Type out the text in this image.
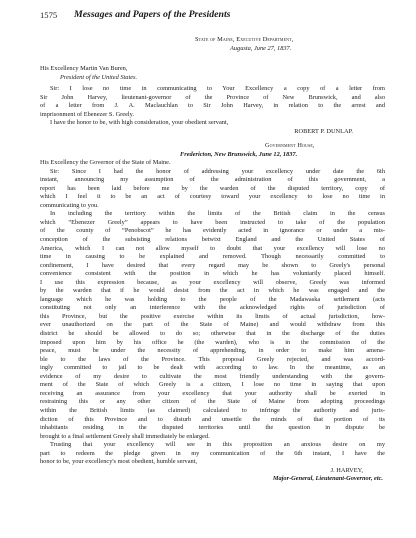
1575 Messages and Papers of the Presidents
State of Maine, Executive Department,
Augusta, June 27, 1837.
His Excellency Martin Van Buren,
President of the United States.
Sir: I lose no time in communicating to Your Excellency a copy of a letter from
Sir John Harvey, lieutenant-governor of the Province of New Brunswick, and also
of a letter from J. A. Maclauchlan to Sir John Harvey, in relation to the arrest and
imprisonment of Ebenezer S. Greely.
I have the honor to be, with high consideration, your obedient servant,
ROBERT P. DUNLAP.
Government House,
Fredericton, New Brunswick, June 12, 1837.
His Excellency the Governor of the State of Maine.
Sir: Since I had the honor of addressing your excellency under date the 6th
instant, announcing my assumption of the administration of this government, a
report has been laid before me by the warden of the disputed territory, copy of
which I feel it to be an act of courtesy toward your excellency to lose no time in
communicating to you.
In including the territory within the limits of the British claim in the census
which “Ebenezer Greely” appears to have been instructed to take of the population
of the county of “Penobscot” he has evidently acted in ignorance or under a mis-
conception of the subsisting relations betwixt England and the United States of
America, which I can not allow myself to doubt that your excellency will lose no
time in causing to be explained and removed. Though necessarily committed to
confinement, I have desired that every regard may be shown to Greely's personal
convenience consistent with the position in which he has voluntarily placed himself.
I use this expression because, as your excellency will observe, Greely was informed
by the warden that if he would desist from the act in which he was engaged and the
language which he was holding to the people of the Madawaska settlement (acts
constituting not only an interference with the acknowledged rights of jurisdiction of
this Province, but the positive exercise within its limits of actual jurisdiction, how-
ever unauthorized on the part of the State of Maine) and would withdraw from this
district he should be allowed to do so; otherwise that in the discharge of the duties
imposed upon him by his office he (the warden), who is in the commission of the
peace, must be under the necessity of apprehending, in order to make him amena-
ble to the laws of the Province. This proposal Greely rejected, and was accord-
ingly committed to jail to be dealt with according to law. In the meantime, as an
evidence of my desire to cultivate the most friendly understanding with the govern-
ment of the State of which Greely is a citizen, I lose no time in saying that upon
receiving an assurance from your excellency that your authority shall be exerted in
restraining this or any other citizen of the State of Maine from adopting proceedings
within the British limits (as claimed) calculated to infringe the authority and juris-
diction of this Province and to disturb and unsettle the minds of that portion of its
inhabitants residing in the disputed territories until the question in dispute be
brought to a final settlement Greely shall immediately be enlarged.
Trusting that your excellency will see in this proposition an anxious desire on my
part to redeem the pledge given in my communication of the 6th instant, I have the
honor to be, your excellency's most obedient, humble servant,
J. HARVEY,
Major-General, Lieutenant-Governor, etc.
